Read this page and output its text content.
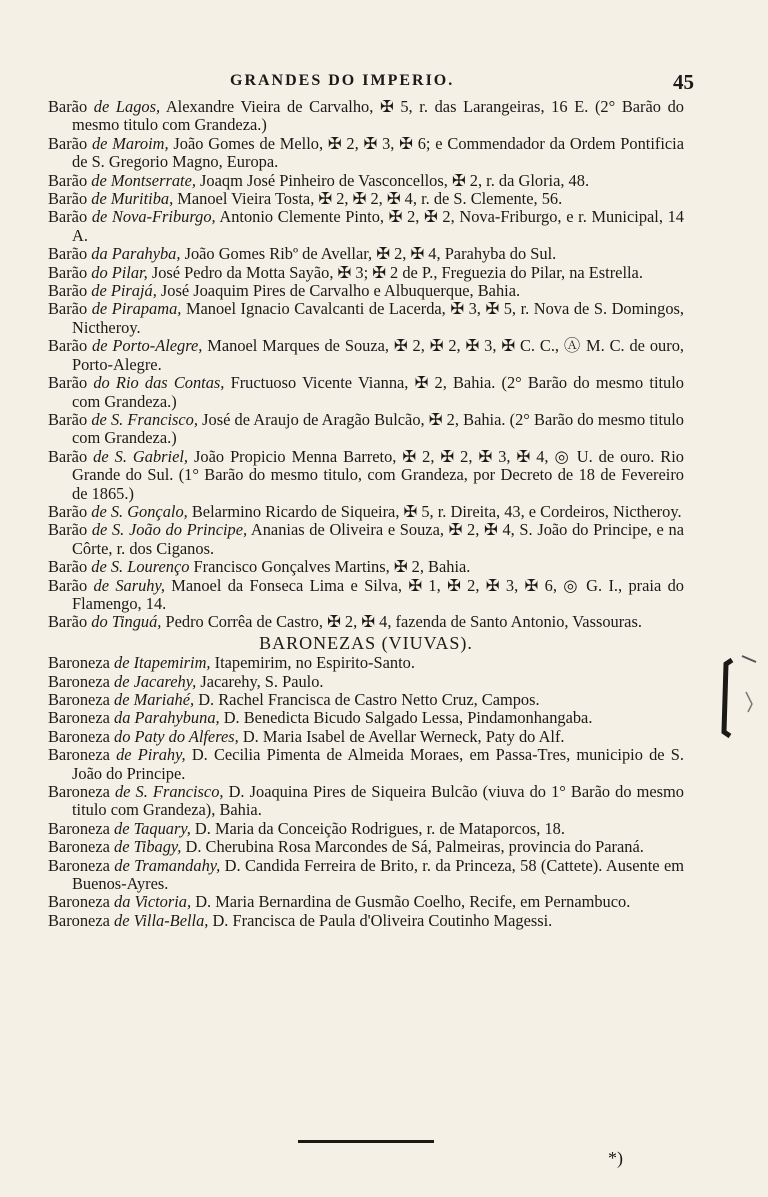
GRANDES DO IMPERIO.	45
Barão de Lagos, Alexandre Vieira de Carvalho, ✠ 5, r. das Larangeiras, 16 E. (2° Barão do mesmo titulo com Grandeza.)
Barão de Maroim, João Gomes de Mello, ✠ 2, ✠ 3, ✠ 6; e Commendador da Ordem Pontificia de S. Gregorio Magno, Europa.
Barão de Montserrate, Joaqm José Pinheiro de Vasconcellos, ✠ 2, r. da Gloria, 48.
Barão de Muritiba, Manoel Vieira Tosta, ✠ 2, ✠ 2, ✠ 4, r. de S. Clemente, 56.
Barão de Nova-Friburgo, Antonio Clemente Pinto, ✠ 2, ✠ 2, Nova-Friburgo, e r. Municipal, 14 A.
Barão da Parahyba, João Gomes Ribº de Avellar, ✠ 2, ✠ 4, Parahyba do Sul.
Barão do Pilar, José Pedro da Motta Sayão, ✠ 3; ✠ 2 de P., Freguezia do Pilar, na Estrella.
Barão de Pirajá, José Joaquim Pires de Carvalho e Albuquerque, Bahia.
Barão de Pirapama, Manoel Ignacio Cavalcanti de Lacerda, ✠ 3, ✠ 5, r. Nova de S. Domingos, Nictheroy.
Barão de Porto-Alegre, Manoel Marques de Souza, ✠ 2, ✠ 2, ✠ 3, ✠ C. C., Ⓐ M. C. de ouro, Porto-Alegre.
Barão do Rio das Contas, Fructuoso Vicente Vianna, ✠ 2, Bahia. (2° Barão do mesmo titulo com Grandeza.)
Barão de S. Francisco, José de Araujo de Aragão Bulcão, ✠ 2, Bahia. (2° Barão do mesmo titulo com Grandeza.)
Barão de S. Gabriel, João Propicio Menna Barreto, ✠ 2, ✠ 2, ✠ 3, ✠ 4, ◎ U. de ouro. Rio Grande do Sul. (1° Barão do mesmo titulo, com Grandeza, por Decreto de 18 de Fevereiro de 1865.)
Barão de S. Gonçalo, Belarmino Ricardo de Siqueira, ✠ 5, r. Direita, 43, e Cordeiros, Nictheroy.
Barão de S. João do Principe, Ananias de Oliveira e Souza, ✠ 2, ✠ 4, S. João do Principe, e na Côrte, r. dos Ciganos.
Barão de S. Lourenço Francisco Gonçalves Martins, ✠ 2, Bahia.
Barão de Saruhy, Manoel da Fonseca Lima e Silva, ✠ 1, ✠ 2, ✠ 3, ✠ 6, ◎ G. I., praia do Flamengo, 14.
Barão do Tinguá, Pedro Corrêa de Castro, ✠ 2, ✠ 4, fazenda de Santo Antonio, Vassouras.
BARONEZAS (VIUVAS).
Baroneza de Itapemirim, Itapemirim, no Espirito-Santo.
Baroneza de Jacarehy, Jacarehy, S. Paulo.
Baroneza de Mariahé, D. Rachel Francisca de Castro Netto Cruz, Campos.
Baroneza da Parahybuna, D. Benedicta Bicudo Salgado Lessa, Pindamonhangaba.
Baroneza do Paty do Alferes, D. Maria Isabel de Avellar Werneck, Paty do Alf.
Baroneza de Pirahy, D. Cecilia Pimenta de Almeida Moraes, em Passa-Tres, municipio de S. João do Principe.
Baroneza de S. Francisco, D. Joaquina Pires de Siqueira Bulcão (viuva do 1° Barão do mesmo titulo com Grandeza), Bahia.
Baroneza de Taquary, D. Maria da Conceição Rodrigues, r. de Mataporcos, 18.
Baroneza de Tibagy, D. Cherubina Rosa Marcondes de Sá, Palmeiras, provincia do Paraná.
Baroneza de Tramandahy, D. Candida Ferreira de Brito, r. da Princeza, 58 (Cattete). Ausente em Buenos-Ayres.
Baroneza da Victoria, D. Maria Bernardina de Gusmão Coelho, Recife, em Pernambuco.
Baroneza de Villa-Bella, D. Francisca de Paula d'Oliveira Coutinho Magessi.
*)
